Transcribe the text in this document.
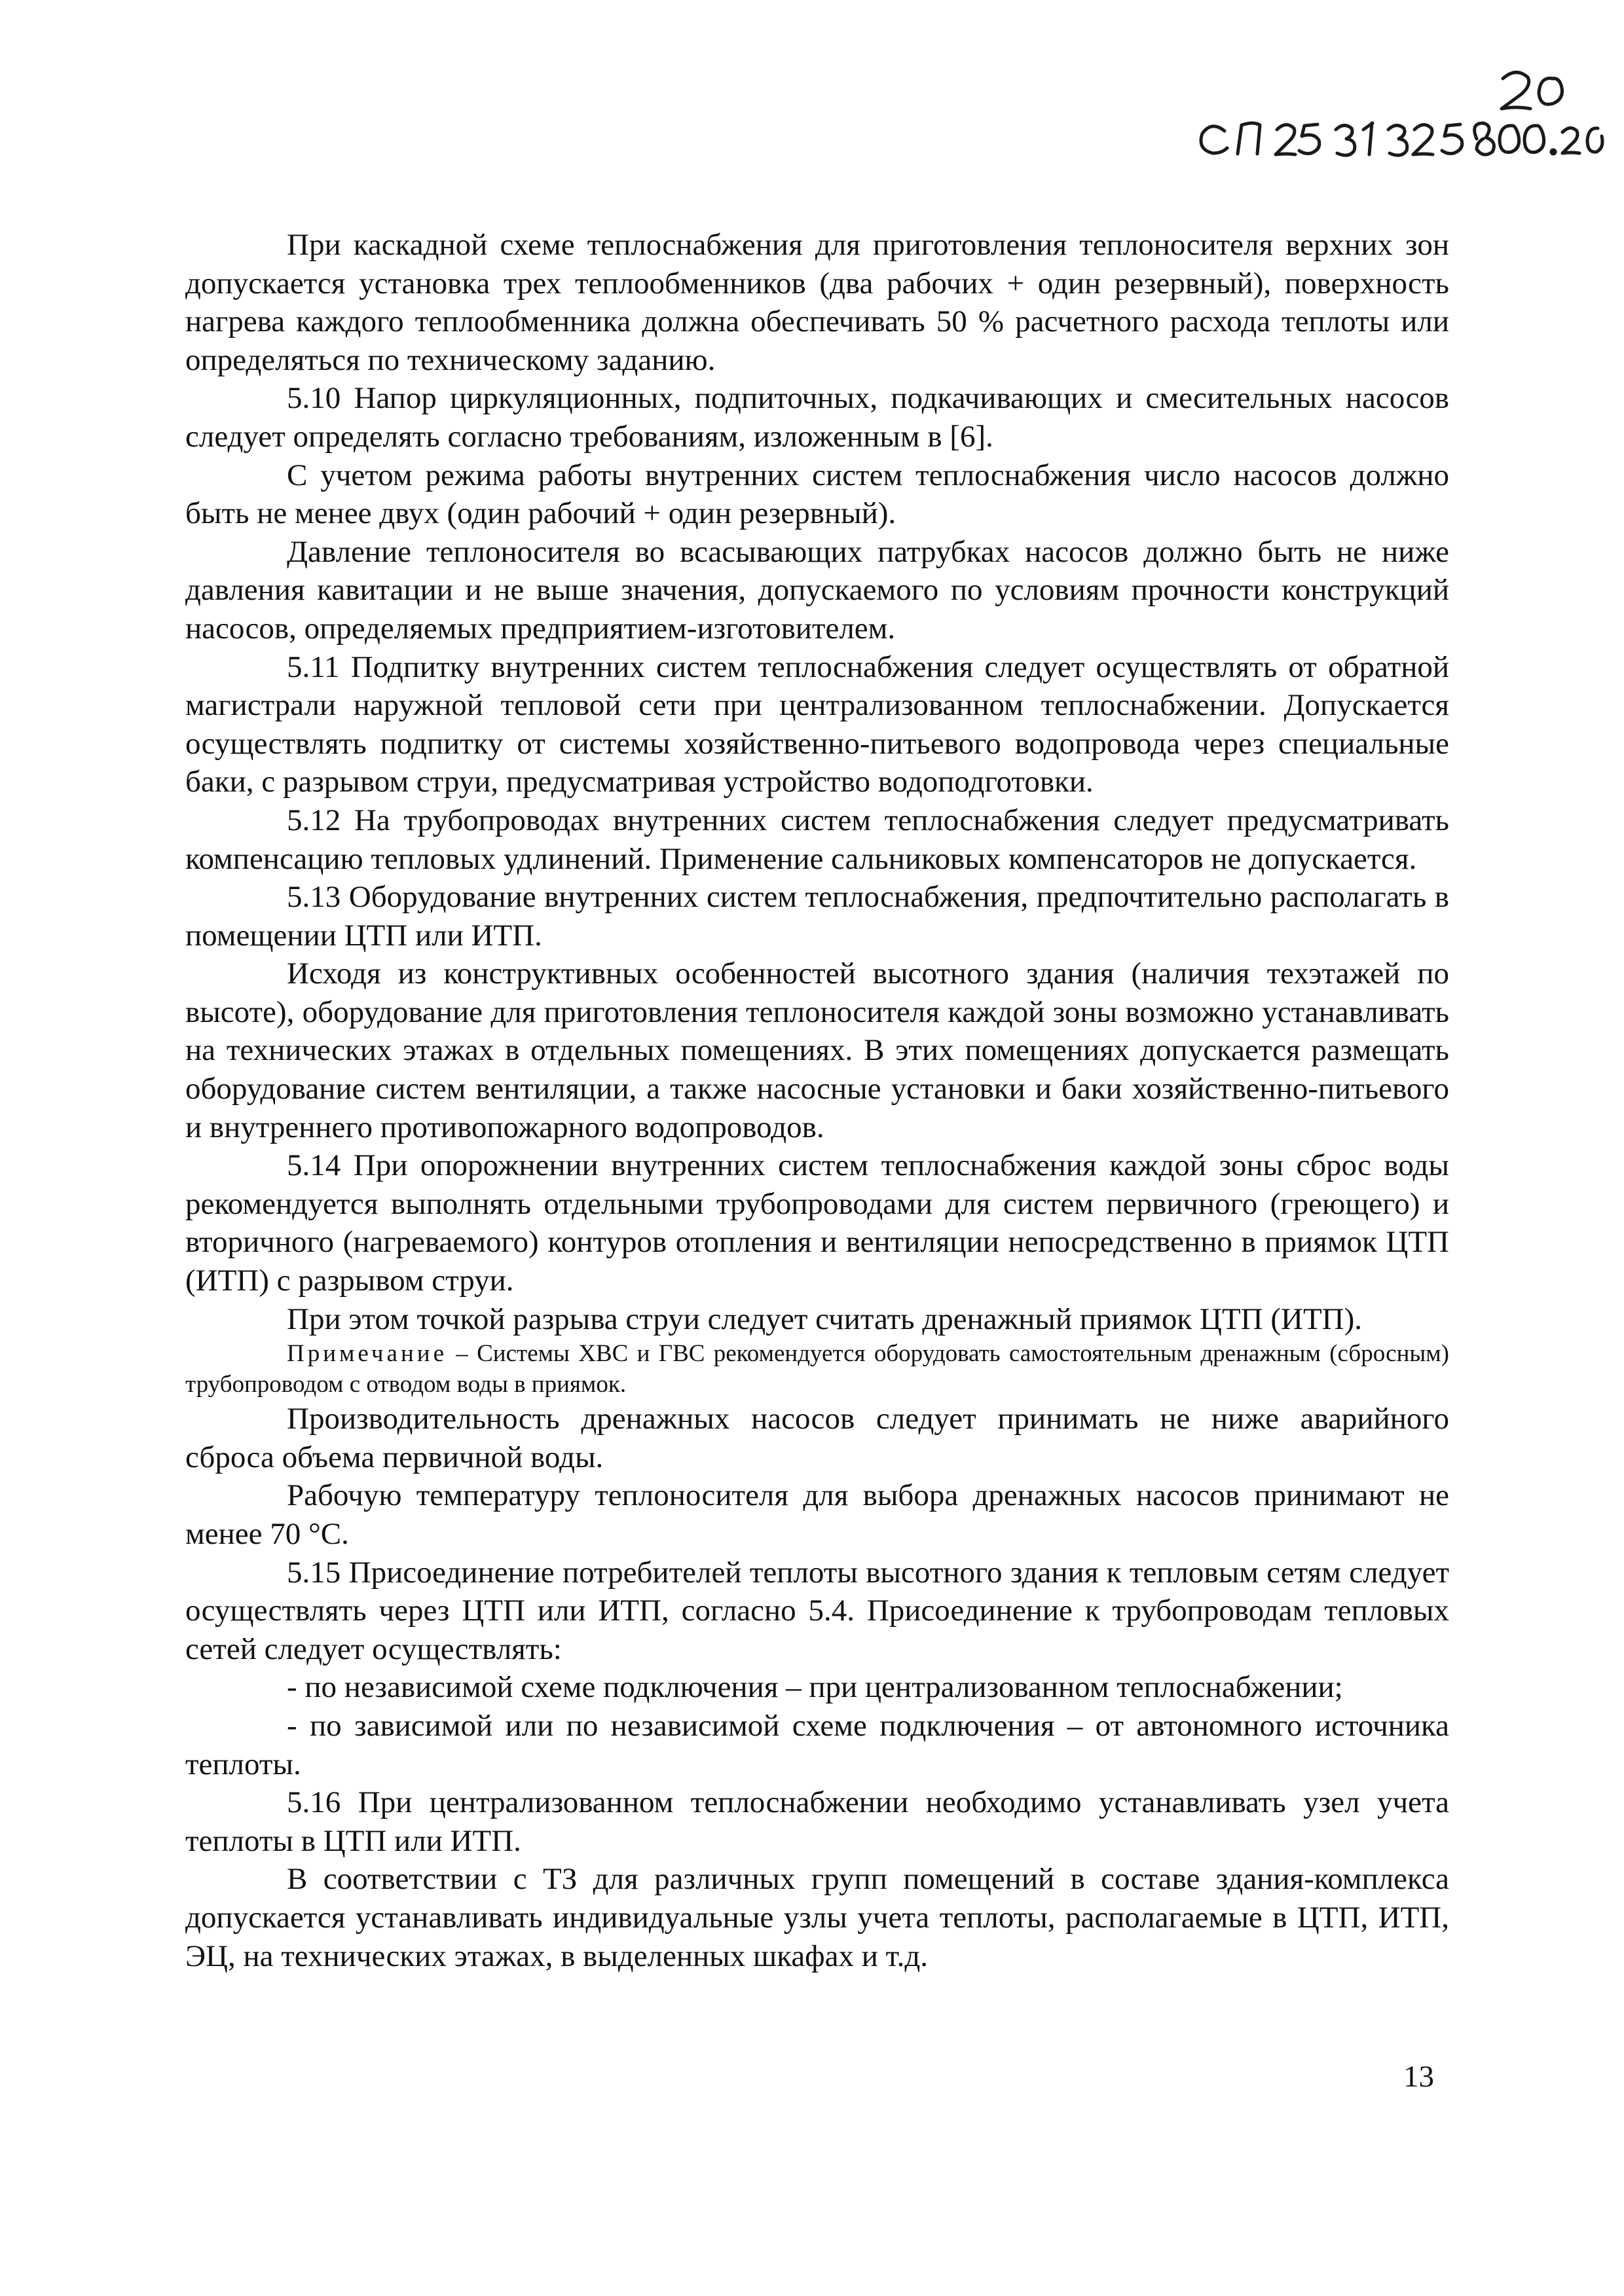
При каскадной схеме теплоснабжения для приготовления теплоносителя верхних зон допускается установка трех теплообменников (два рабочих + один резервный), поверхность нагрева каждого теплообменника должна обеспечивать 50 % расчетного расхода теплоты или определяться по техническому заданию.

5.10 Напор циркуляционных, подпиточных, подкачивающих и смесительных насосов следует определять согласно требованиям, изложенным в [6].

С учетом режима работы внутренних систем теплоснабжения число насосов должно быть не менее двух (один рабочий + один резервный).

Давление теплоносителя во всасывающих патрубках насосов должно быть не ниже давления кавитации и не выше значения, допускаемого по условиям прочности конструкций насосов, определяемых предприятием-изготовителем.

5.11 Подпитку внутренних систем теплоснабжения следует осуществлять от обратной магистрали наружной тепловой сети при централизованном теплоснабжении. Допускается осуществлять подпитку от системы хозяйственно-питьевого водопровода через специальные баки, с разрывом струи, предусматривая устройство водоподготовки.

5.12 На трубопроводах внутренних систем теплоснабжения следует предусматривать компенсацию тепловых удлинений. Применение сальниковых компенсаторов не допускается.

5.13 Оборудование внутренних систем теплоснабжения, предпочтительно располагать в помещении ЦТП или ИТП.

Исходя из конструктивных особенностей высотного здания (наличия техэтажей по высоте), оборудование для приготовления теплоносителя каждой зоны возможно устанавливать на технических этажах в отдельных помещениях. В этих помещениях допускается размещать оборудование систем вентиляции, а также насосные установки и баки хозяйственно-питьевого и внутреннего противопожарного водопроводов.

5.14 При опорожнении внутренних систем теплоснабжения каждой зоны сброс воды рекомендуется выполнять отдельными трубопроводами для систем первичного (греющего) и вторичного (нагреваемого) контуров отопления и вентиляции непосредственно в приямок ЦТП (ИТП) с разрывом струи.

При этом точкой разрыва струи следует считать дренажный приямок ЦТП (ИТП).

Примечание – Системы ХВС и ГВС рекомендуется оборудовать самостоятельным дренажным (сбросным) трубопроводом с отводом воды в приямок.

Производительность дренажных насосов следует принимать не ниже аварийного сброса объема первичной воды.

Рабочую температуру теплоносителя для выбора дренажных насосов принимают не менее 70 °С.

5.15 Присоединение потребителей теплоты высотного здания к тепловым сетям следует осуществлять через ЦТП или ИТП, согласно 5.4. Присоединение к трубопроводам тепловых сетей следует осуществлять:

- по независимой схеме подключения – при централизованном теплоснабжении;

- по зависимой или по независимой схеме подключения – от автономного источника теплоты.

5.16 При централизованном теплоснабжении необходимо устанавливать узел учета теплоты в ЦТП или ИТП.

В соответствии с ТЗ для различных групп помещений в составе здания-комплекса допускается устанавливать индивидуальные узлы учета теплоты, располагаемые в ЦТП, ИТП, ЭЦ, на технических этажах, в выделенных шкафах и т.д.

13
